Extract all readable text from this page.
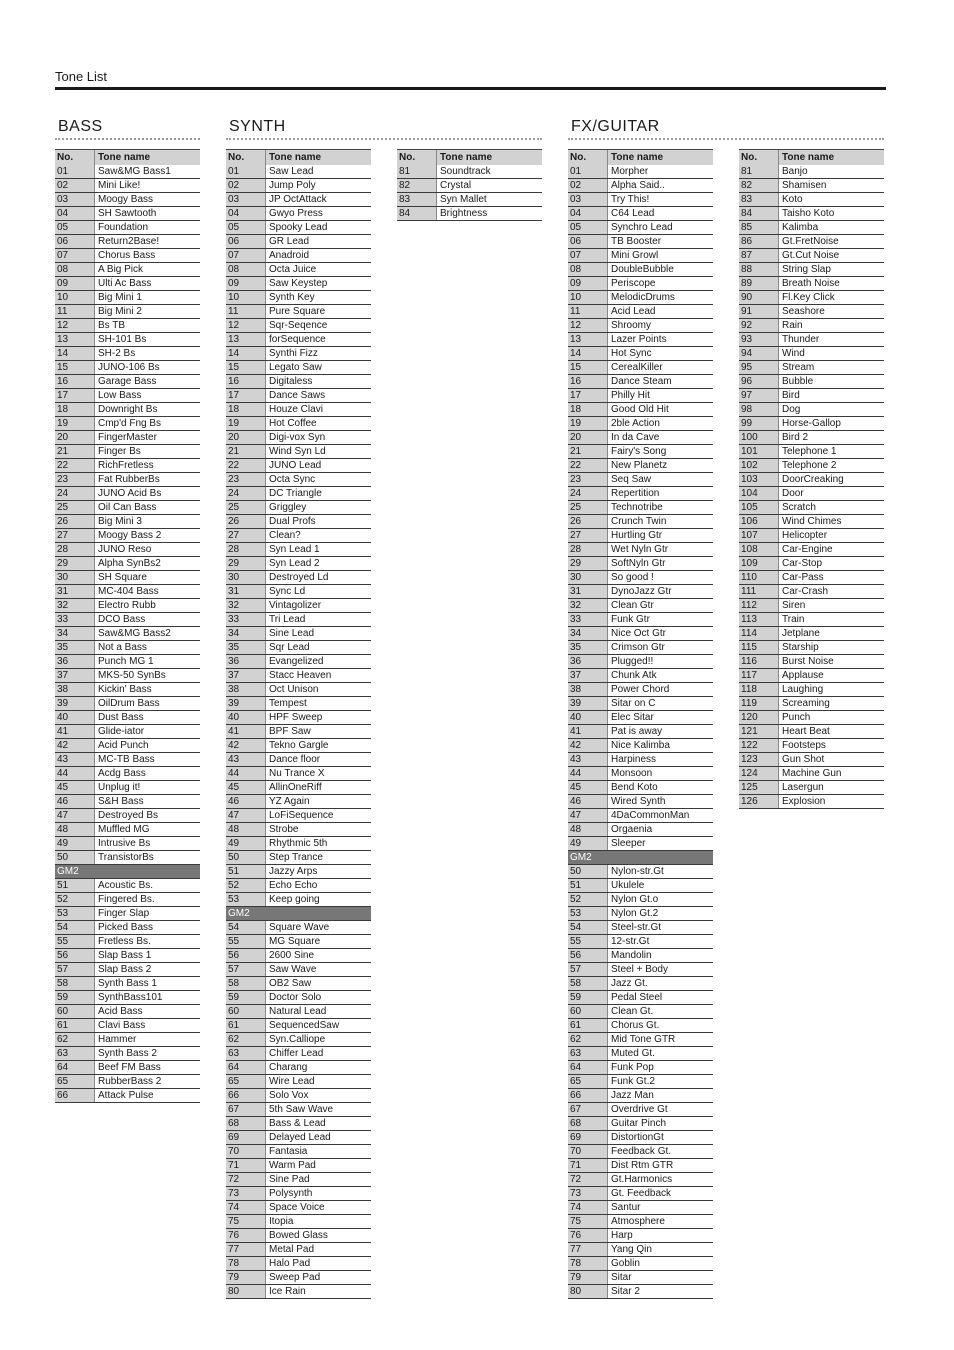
Tone List
BASS	SYNTH	FX/GUITAR
No.	Tone name
01	Saw&MG Bass1
02	Mini Like!
03	Moogy Bass
04	SH Sawtooth
05	Foundation
06	Return2Base!
07	Chorus Bass
08	A Big Pick
09	Ulti Ac Bass
10	Big Mini 1
11	Big Mini 2
12	Bs TB
13	SH-101 Bs
14	SH-2 Bs
15	JUNO-106 Bs
16	Garage Bass
17	Low Bass
18	Downright Bs
19	Cmp'd Fng Bs
20	FingerMaster
21	Finger Bs
22	RichFretless
23	Fat RubberBs
24	JUNO Acid Bs
25	Oil Can Bass
26	Big Mini 3
27	Moogy Bass 2
28	JUNO Reso
29	Alpha SynBs2
30	SH Square
31	MC-404 Bass
32	Electro Rubb
33	DCO Bass
34	Saw&MG Bass2
35	Not a Bass
36	Punch MG 1
37	MKS-50 SynBs
38	Kickin' Bass
39	OilDrum Bass
40	Dust Bass
41	Glide-iator
42	Acid Punch
43	MC-TB Bass
44	Acdg Bass
45	Unplug it!
46	S&H Bass
47	Destroyed Bs
48	Muffled MG
49	Intrusive Bs
50	TransistorBs
GM2
51	Acoustic Bs.
52	Fingered Bs.
53	Finger Slap
54	Picked Bass
55	Fretless Bs.
56	Slap Bass 1
57	Slap Bass 2
58	Synth Bass 1
59	SynthBass101
60	Acid Bass
61	Clavi Bass
62	Hammer
63	Synth Bass 2
64	Beef FM Bass
65	RubberBass 2
66	Attack Pulse
No.	Tone name
01	Saw Lead
02	Jump Poly
03	JP OctAttack
04	Gwyo Press
05	Spooky Lead
06	GR Lead
07	Anadroid
08	Octa Juice
09	Saw Keystep
10	Synth Key
11	Pure Square
12	Sqr-Seqence
13	forSequence
14	Synthi Fizz
15	Legato Saw
16	Digitaless
17	Dance Saws
18	Houze Clavi
19	Hot Coffee
20	Digi-vox Syn
21	Wind Syn Ld
22	JUNO Lead
23	Octa Sync
24	DC Triangle
25	Griggley
26	Dual Profs
27	Clean?
28	Syn Lead 1
29	Syn Lead 2
30	Destroyed Ld
31	Sync Ld
32	Vintagolizer
33	Tri Lead
34	Sine Lead
35	Sqr Lead
36	Evangelized
37	Stacc Heaven
38	Oct Unison
39	Tempest
40	HPF Sweep
41	BPF Saw
42	Tekno Gargle
43	Dance floor
44	Nu Trance X
45	AllinOneRiff
46	YZ Again
47	LoFiSequence
48	Strobe
49	Rhythmic 5th
50	Step Trance
51	Jazzy Arps
52	Echo Echo
53	Keep going
GM2
54	Square Wave
55	MG Square
56	2600 Sine
57	Saw Wave
58	OB2 Saw
59	Doctor Solo
60	Natural Lead
61	SequencedSaw
62	Syn.Calliope
63	Chiffer Lead
64	Charang
65	Wire Lead
66	Solo Vox
67	5th Saw Wave
68	Bass & Lead
69	Delayed Lead
70	Fantasia
71	Warm Pad
72	Sine Pad
73	Polysynth
74	Space Voice
75	Itopia
76	Bowed Glass
77	Metal Pad
78	Halo Pad
79	Sweep Pad
80	Ice Rain
No.	Tone name
81	Soundtrack
82	Crystal
83	Syn Mallet
84	Brightness
No.	Tone name
01	Morpher
02	Alpha Said..
03	Try This!
04	C64 Lead
05	Synchro Lead
06	TB Booster
07	Mini Growl
08	DoubleBubble
09	Periscope
10	MelodicDrums
11	Acid Lead
12	Shroomy
13	Lazer Points
14	Hot Sync
15	CerealKiller
16	Dance Steam
17	Philly Hit
18	Good Old Hit
19	2ble Action
20	In da Cave
21	Fairy's Song
22	New Planetz
23	Seq Saw
24	Repertition
25	Technotribe
26	Crunch Twin
27	Hurtling Gtr
28	Wet Nyln Gtr
29	SoftNyln Gtr
30	So good !
31	DynoJazz Gtr
32	Clean Gtr
33	Funk Gtr
34	Nice Oct Gtr
35	Crimson Gtr
36	Plugged!!
37	Chunk Atk
38	Power Chord
39	Sitar on C
40	Elec Sitar
41	Pat is away
42	Nice Kalimba
43	Harpiness
44	Monsoon
45	Bend Koto
46	Wired Synth
47	4DaCommonMan
48	Orgaenia
49	Sleeper
GM2
50	Nylon-str.Gt
51	Ukulele
52	Nylon Gt.o
53	Nylon Gt.2
54	Steel-str.Gt
55	12-str.Gt
56	Mandolin
57	Steel + Body
58	Jazz Gt.
59	Pedal Steel
60	Clean Gt.
61	Chorus Gt.
62	Mid Tone GTR
63	Muted Gt.
64	Funk Pop
65	Funk Gt.2
66	Jazz Man
67	Overdrive Gt
68	Guitar Pinch
69	DistortionGt
70	Feedback Gt.
71	Dist Rtm GTR
72	Gt.Harmonics
73	Gt. Feedback
74	Santur
75	Atmosphere
76	Harp
77	Yang Qin
78	Goblin
79	Sitar
80	Sitar 2
No.	Tone name
81	Banjo
82	Shamisen
83	Koto
84	Taisho Koto
85	Kalimba
86	Gt.FretNoise
87	Gt.Cut Noise
88	String Slap
89	Breath Noise
90	Fl.Key Click
91	Seashore
92	Rain
93	Thunder
94	Wind
95	Stream
96	Bubble
97	Bird
98	Dog
99	Horse-Gallop
100	Bird 2
101	Telephone 1
102	Telephone 2
103	DoorCreaking
104	Door
105	Scratch
106	Wind Chimes
107	Helicopter
108	Car-Engine
109	Car-Stop
110	Car-Pass
111	Car-Crash
112	Siren
113	Train
114	Jetplane
115	Starship
116	Burst Noise
117	Applause
118	Laughing
119	Screaming
120	Punch
121	Heart Beat
122	Footsteps
123	Gun Shot
124	Machine Gun
125	Lasergun
126	Explosion
